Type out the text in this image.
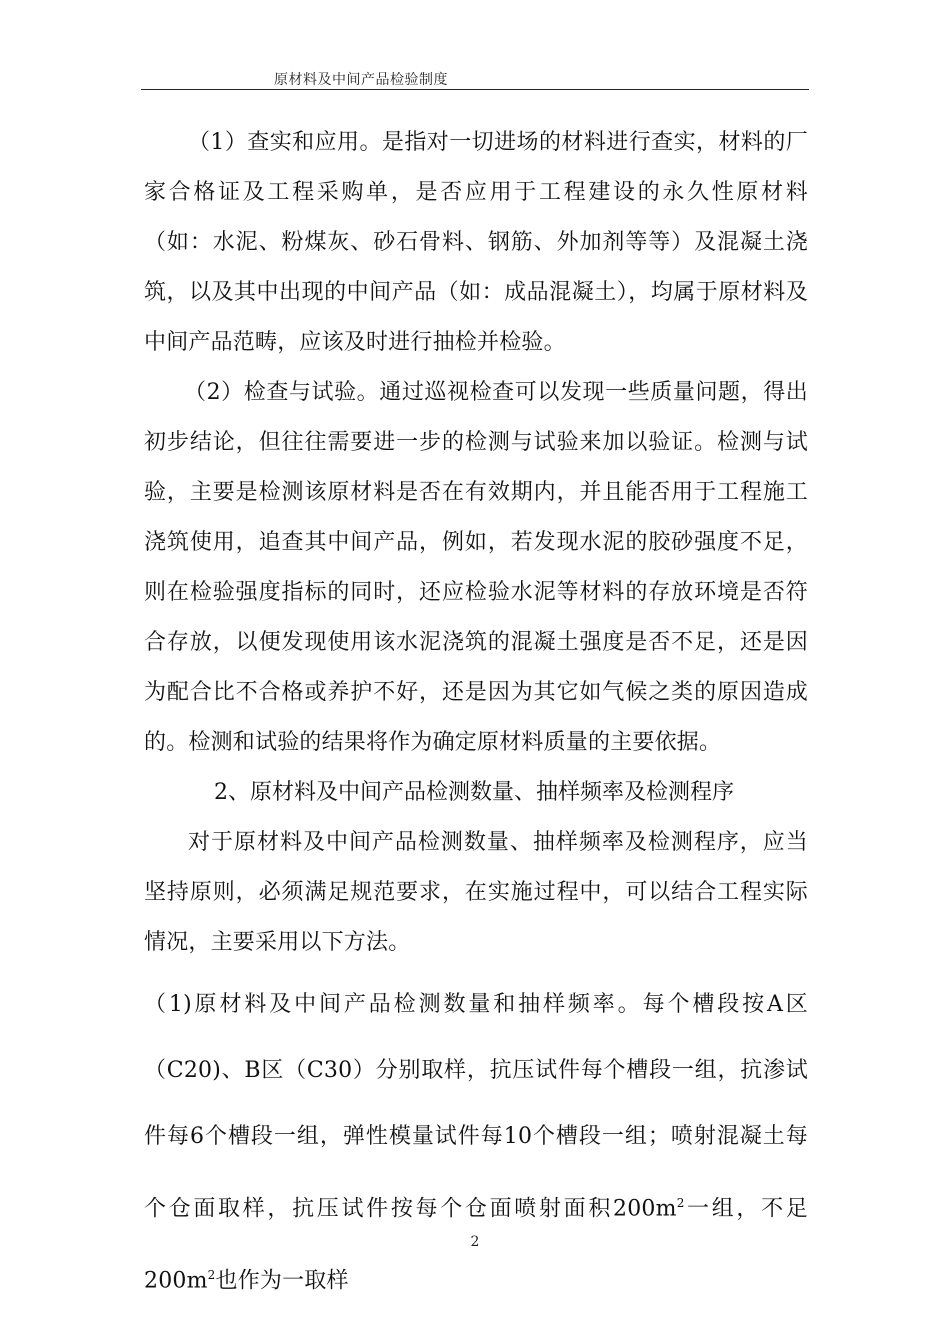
原材料及中间产品检验制度

（1）查实和应用。是指对一切进场的材料进行查实，材料的厂家合格证及工程采购单，是否应用于工程建设的永久性原材料（如：水泥、粉煤灰、砂石骨料、钢筋、外加剂等等）及混凝土浇筑，以及其中出现的中间产品（如：成品混凝土），均属于原材料及中间产品范畴，应该及时进行抽检并检验。

（2）检查与试验。通过巡视检查可以发现一些质量问题，得出初步结论，但往往需要进一步的检测与试验来加以验证。检测与试验，主要是检测该原材料是否在有效期内，并且能否用于工程施工浇筑使用，追查其中间产品，例如，若发现水泥的胶砂强度不足，则在检验强度指标的同时，还应检验水泥等材料的存放环境是否符合存放，以便发现使用该水泥浇筑的混凝土强度是否不足，还是因为配合比不合格或养护不好，还是因为其它如气候之类的原因造成的。检测和试验的结果将作为确定原材料质量的主要依据。

2、原材料及中间产品检测数量、抽样频率及检测程序

对于原材料及中间产品检测数量、抽样频率及检测程序，应当坚持原则，必须满足规范要求，在实施过程中，可以结合工程实际情况，主要采用以下方法。

（1)原材料及中间产品检测数量和抽样频率。每个槽段按A区（C20)、B区（C30）分别取样，抗压试件每个槽段一组，抗渗试件每6个槽段一组，弹性模量试件每10个槽段一组；喷射混凝土每个仓面取样，抗压试件按每个仓面喷射面积$200m^2$一组，不足$200m^2$也作为一取样

2
